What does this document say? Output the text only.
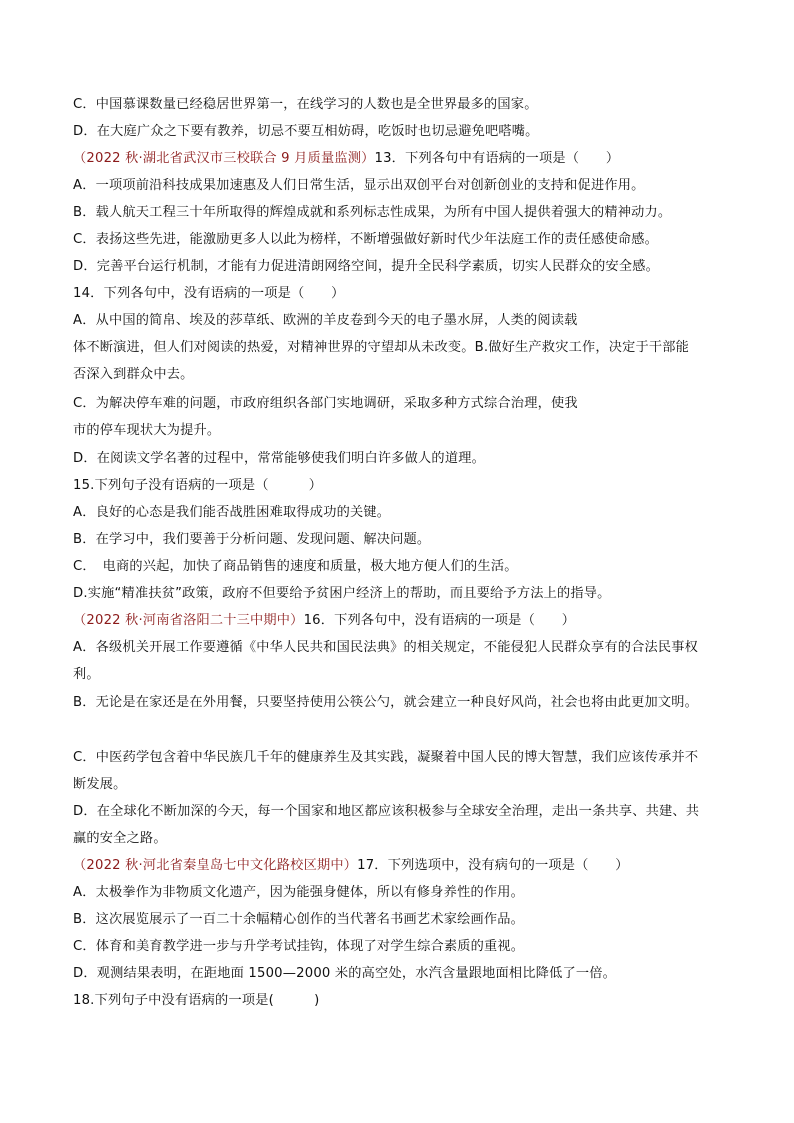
C．中国慕课数量已经稳居世界第一，在线学习的人数也是全世界最多的国家。
D．在大庭广众之下要有教养，切忌不要互相妨碍，吃饭时也切忌避免吧嗒嘴。
（2022 秋·湖北省武汉市三校联合 9 月质量监测）13．下列各句中有语病的一项是（　　）
A．一项项前沿科技成果加速惠及人们日常生活，显示出双创平台对创新创业的支持和促进作用。
B．载人航天工程三十年所取得的辉煌成就和系列标志性成果，为所有中国人提供着强大的精神动力。
C．表扬这些先进，能激励更多人以此为榜样，不断增强做好新时代少年法庭工作的责任感使命感。
D．完善平台运行机制，才能有力促进清朗网络空间，提升全民科学素质，切实人民群众的安全感。
14．下列各句中，没有语病的一项是（　　）
A．从中国的简帛、埃及的莎草纸、欧洲的羊皮卷到今天的电子墨水屏，人类的阅读载
体不断演进，但人们对阅读的热爱，对精神世界的守望却从未改变。B.做好生产救灾工作，决定于干部能
否深入到群众中去。
C．为解决停车难的问题，市政府组织各部门实地调研，采取多种方式综合治理，使我
市的停车现状大为提升。
D．在阅读文学名著的过程中，常常能够使我们明白许多做人的道理。
15.下列句子没有语病的一项是（　　　）
A．良好的心态是我们能否战胜困难取得成功的关键。
B．在学习中，我们要善于分析问题、发现问题、解决问题。
C．　电商的兴起，加快了商品销售的速度和质量，极大地方便人们的生活。
D.实施“精准扶贫”政策，政府不但要给予贫困户经济上的帮助，而且要给予方法上的指导。
（2022 秋·河南省洛阳二十三中期中）16．下列各句中，没有语病的一项是（　　）
A．各级机关开展工作要遵循《中华人民共和国民法典》的相关规定，不能侵犯人民群众享有的合法民事权
利。
B．无论是在家还是在外用餐，只要坚持使用公筷公勺，就会建立一种良好风尚，社会也将由此更加文明。
C．中医药学包含着中华民族几千年的健康养生及其实践，凝聚着中国人民的博大智慧，我们应该传承并不
断发展。
D．在全球化不断加深的今天，每一个国家和地区都应该积极参与全球安全治理，走出一条共享、共建、共
赢的安全之路。
（2022 秋·河北省秦皇岛七中文化路校区期中）17．下列选项中，没有病句的一项是（　　）
A．太极拳作为非物质文化遗产，因为能强身健体，所以有修身养性的作用。
B．这次展览展示了一百二十余幅精心创作的当代著名书画艺术家绘画作品。
C．体育和美育教学进一步与升学考试挂钩，体现了对学生综合素质的重视。
D．观测结果表明，在距地面 1500—2000 米的高空处，水汽含量跟地面相比降低了一倍。
18.下列句子中没有语病的一项是(　　　)
